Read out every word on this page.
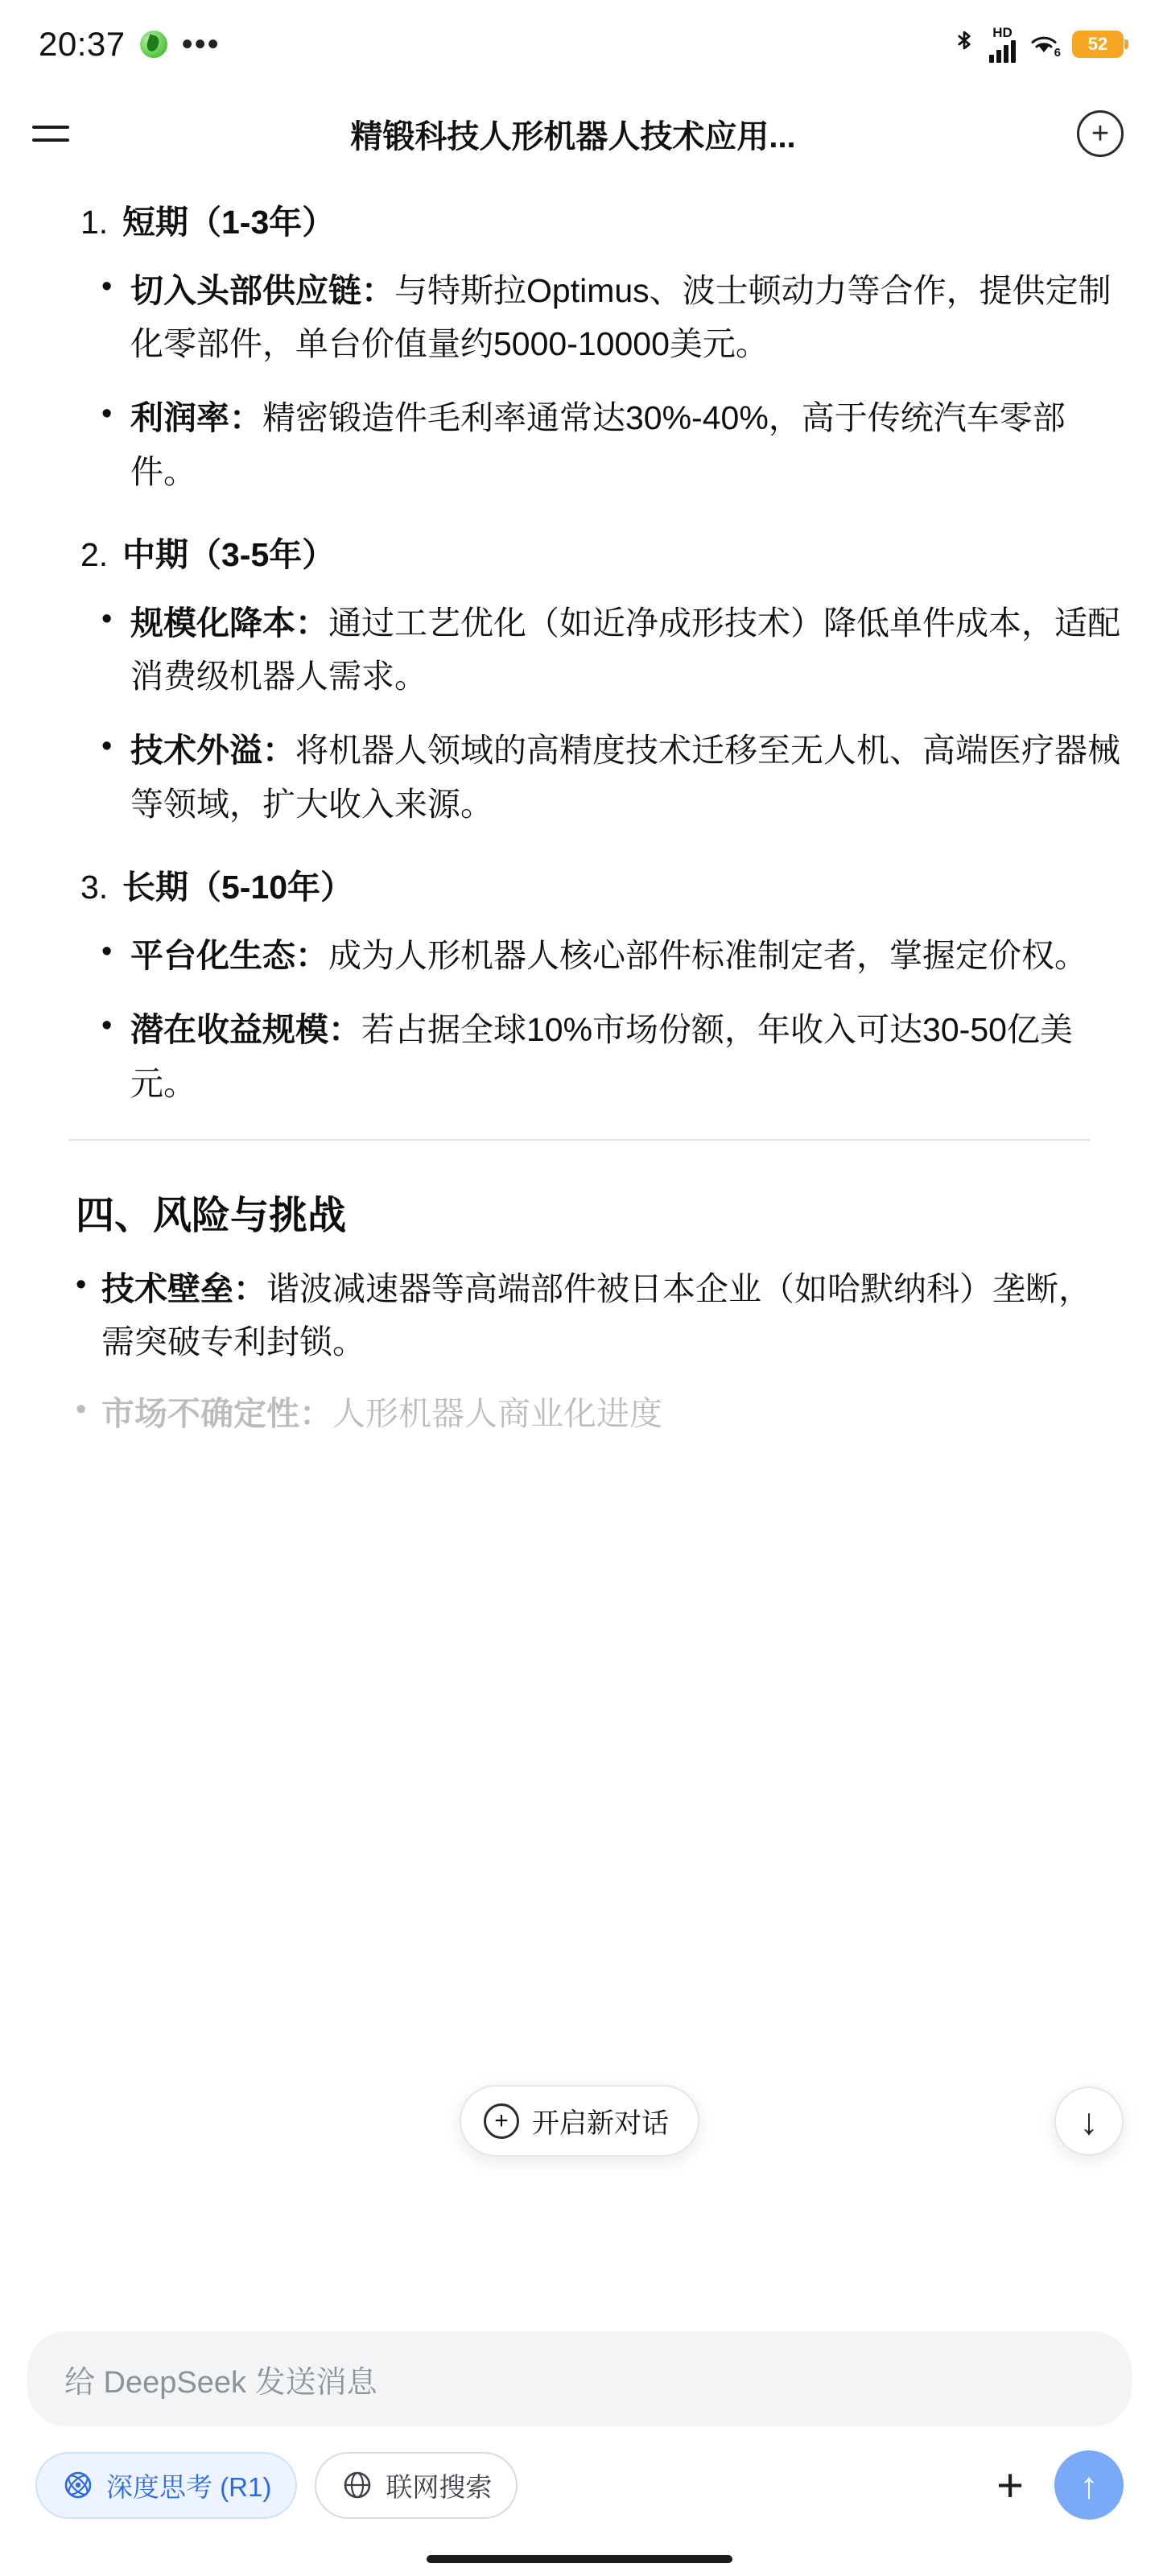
20:37 •••	HD
6	52
精锻科技人形机器人技术应用...	+
1. 短期（1-3年）
• 切入头部供应链：与特斯拉Optimus、波士顿动力等合作，提供定制化零部件，单台价值量约5000-10000美元。
• 利润率：精密锻造件毛利率通常达30%-40%，高于传统汽车零部件。
2. 中期（3-5年）
• 规模化降本：通过工艺优化（如近净成形技术）降低单件成本，适配消费级机器人需求。
• 技术外溢：将机器人领域的高精度技术迁移至无人机、高端医疗器械等领域，扩大收入来源。
3. 长期（5-10年）
• 平台化生态：成为人形机器人核心部件标准制定者，掌握定价权。
• 潜在收益规模：若占据全球10%市场份额，年收入可达30-50亿美元。
四、风险与挑战
• 技术壁垒：谐波减速器等高端部件被日本企业（如哈默纳科）垄断，需突破专利封锁。
• 市场不确定性：人形机器人商业化进度
+ 开启新对话	↓
给 DeepSeek 发送消息
深度思考 (R1)	联网搜索	+	↑
